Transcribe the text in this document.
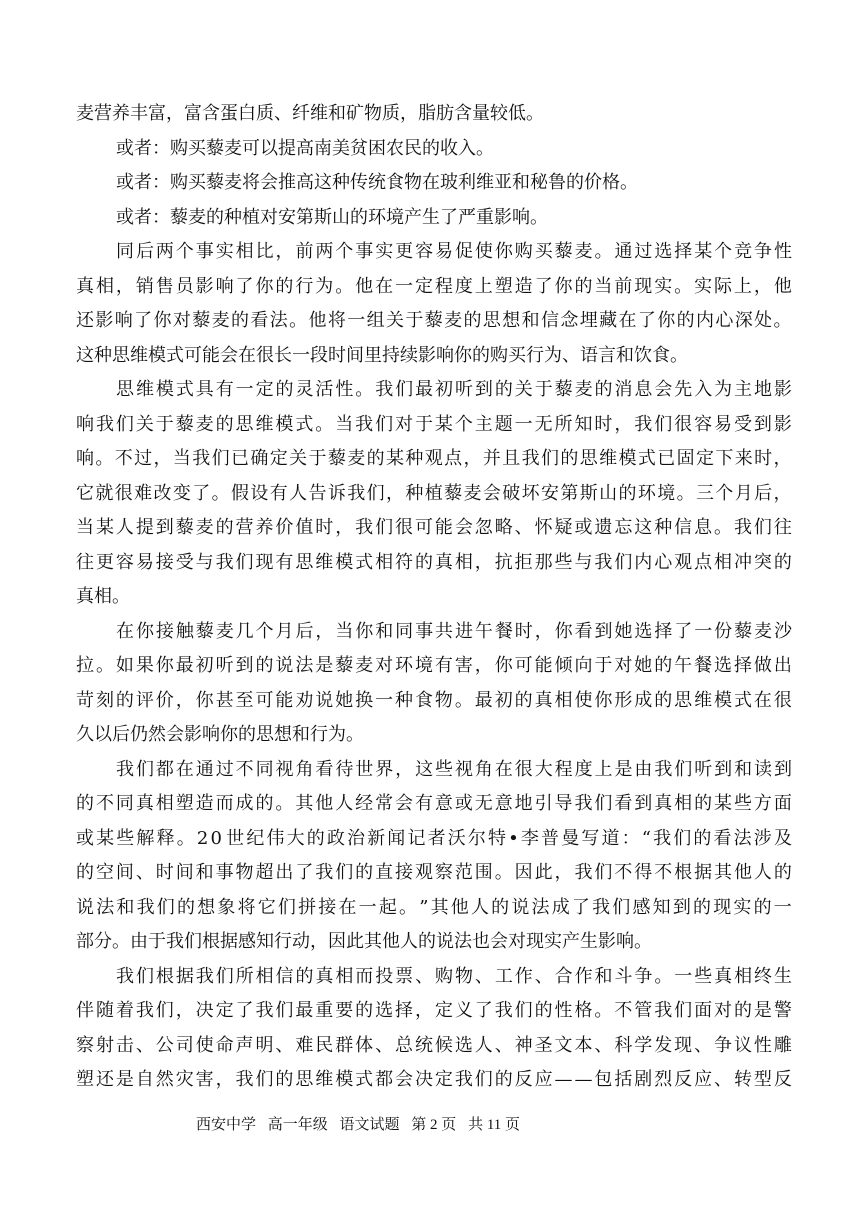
麦营养丰富，富含蛋白质、纤维和矿物质，脂肪含量较低。
或者：购买藜麦可以提高南美贫困农民的收入。
或者：购买藜麦将会推高这种传统食物在玻利维亚和秘鲁的价格。
或者：藜麦的种植对安第斯山的环境产生了严重影响。
同 后 两 个 事 实 相 比 ， 前 两 个 事 实 更 容 易 促 使 你 购 买 藜 麦 。 通 过 选 择 某 个 竞 争 性
真 相 ， 销 售 员 影 响 了 你 的 行 为 。 他 在 一 定 程 度 上 塑 造 了 你 的 当 前 现 实 。 实 际 上 ， 他
还 影 响 了 你 对 藜 麦 的 看 法 。 他 将 一 组 关 于 藜 麦 的 思 想 和 信 念 埋 藏 在 了 你 的 内 心 深 处 。
这种思维模式可能会在很长一段时间里持续影响你的购买行为、语言和饮食。
思 维 模 式 具 有 一 定 的 灵 活 性 。 我 们 最 初 听 到 的 关 于 藜 麦 的 消 息 会 先 入 为 主 地 影
响 我 们 关 于 藜 麦 的 思 维 模 式 。 当 我 们 对 于 某 个 主 题 一 无 所 知 时 ， 我 们 很 容 易 受 到 影
响 。 不 过 ， 当 我 们 已 确 定 关 于 藜 麦 的 某 种 观 点 ， 并 且 我 们 的 思 维 模 式 已 固 定 下 来 时 ，
它 就 很 难 改 变 了 。 假 设 有 人 告 诉 我 们 ， 种 植 藜 麦 会 破 坏 安 第 斯 山 的 环 境 。 三 个 月 后 ，
当 某 人 提 到 藜 麦 的 营 养 价 值 时 ， 我 们 很 可 能 会 忽 略 、 怀 疑 或 遗 忘 这 种 信 息 。 我 们 往
往 更 容 易 接 受 与 我 们 现 有 思 维 模 式 相 符 的 真 相 ， 抗 拒 那 些 与 我 们 内 心 观 点 相 冲 突 的
真相。
在 你 接 触 藜 麦 几 个 月 后 ， 当 你 和 同 事 共 进 午 餐 时 ， 你 看 到 她 选 择 了 一 份 藜 麦 沙
拉 。 如 果 你 最 初 听 到 的 说 法 是 藜 麦 对 环 境 有 害 ， 你 可 能 倾 向 于 对 她 的 午 餐 选 择 做 出
苛 刻 的 评 价 ， 你 甚 至 可 能 劝 说 她 换 一 种 食 物 。 最 初 的 真 相 使 你 形 成 的 思 维 模 式 在 很
久以后仍然会影响你的思想和行为。
我 们 都 在 通 过 不 同 视 角 看 待 世 界 ， 这 些 视 角 在 很 大 程 度 上 是 由 我 们 听 到 和 读 到
的 不 同 真 相 塑 造 而 成 的 。 其 他 人 经 常 会 有 意 或 无 意 地 引 导 我 们 看 到 真 相 的 某 些 方 面
或 某 些 解 释 。 2 0 世 纪 伟 大 的 政 治 新 闻 记 者 沃 尔 特 • 李 普 曼 写 道 ： “ 我 们 的 看 法 涉 及
的 空 间 、 时 间 和 事 物 超 出 了 我 们 的 直 接 观 察 范 围 。 因 此 ， 我 们 不 得 不 根 据 其 他 人 的
说 法 和 我 们 的 想 象 将 它 们 拼 接 在 一 起 。 ” 其 他 人 的 说 法 成 了 我 们 感 知 到 的 现 实 的 一
部分。由于我们根据感知行动，因此其他人的说法也会对现实产生影响。
我 们 根 据 我 们 所 相 信 的 真 相 而 投 票 、 购 物 、 工 作 、 合 作 和 斗 争 。 一 些 真 相 终 生
伴 随 着 我 们 ， 决 定 了 我 们 最 重 要 的 选 择 ， 定 义 了 我 们 的 性 格 。 不 管 我 们 面 对 的 是 警
察 射 击 、 公 司 使 命 声 明 、 难 民 群 体 、 总 统 候 选 人 、 神 圣 文 本 、 科 学 发 现 、 争 议 性 雕
塑 还 是 自 然 灾 害 ， 我 们 的 思 维 模 式 都 会 决 定 我 们 的 反 应 — — 包 括 剧 烈 反 应 、 转 型 反
西安中学 高一年级 语文试题 第 2 页 共 11 页
